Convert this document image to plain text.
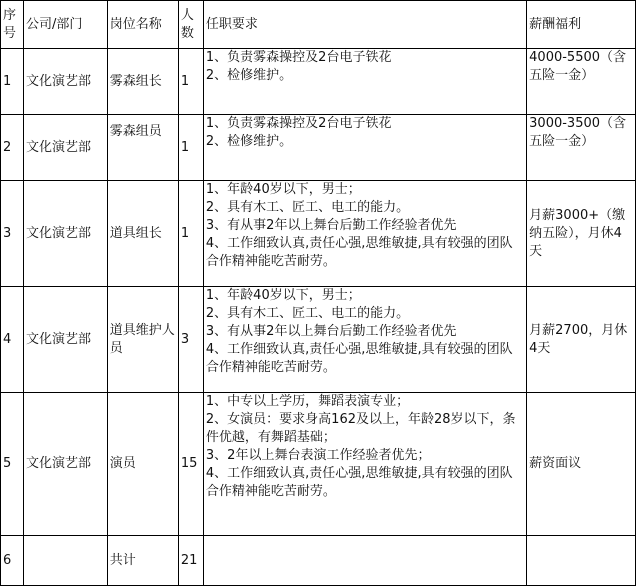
序号	公司/部门	岗位名称	人数	任职要求	薪酬福利
1	文化演艺部	雾森组长	1	1、负责雾森操控及2台电子铁花
2、检修维护。	4000-5500（含五险一金）
2	文化演艺部	雾森组员	1	1、负责雾森操控及2台电子铁花
2、检修维护。	3000-3500（含五险一金）
3	文化演艺部	道具组长	1	1、年龄40岁以下，男士；
2、具有木工、匠工、电工的能力。
3、有从事2年以上舞台后勤工作经验者优先
4、工作细致认真,责任心强,思维敏捷,具有较强的团队合作精神能吃苦耐劳。	月薪3000+（缴纳五险），月休4天
4	文化演艺部	道具维护人员	3	1、年龄40岁以下，男士；
2、具有木工、匠工、电工的能力。
3、有从事2年以上舞台后勤工作经验者优先
4、工作细致认真,责任心强,思维敏捷,具有较强的团队合作精神能吃苦耐劳。	月薪2700，月休4天
5	文化演艺部	演员	15	1、中专以上学历，舞蹈表演专业；
2、女演员：要求身高162及以上，年龄28岁以下，条件优越，有舞蹈基础；
3、2年以上舞台表演工作经验者优先；
4、工作细致认真,责任心强,思维敏捷,具有较强的团队合作精神能吃苦耐劳。	薪资面议
6		共计	21		
